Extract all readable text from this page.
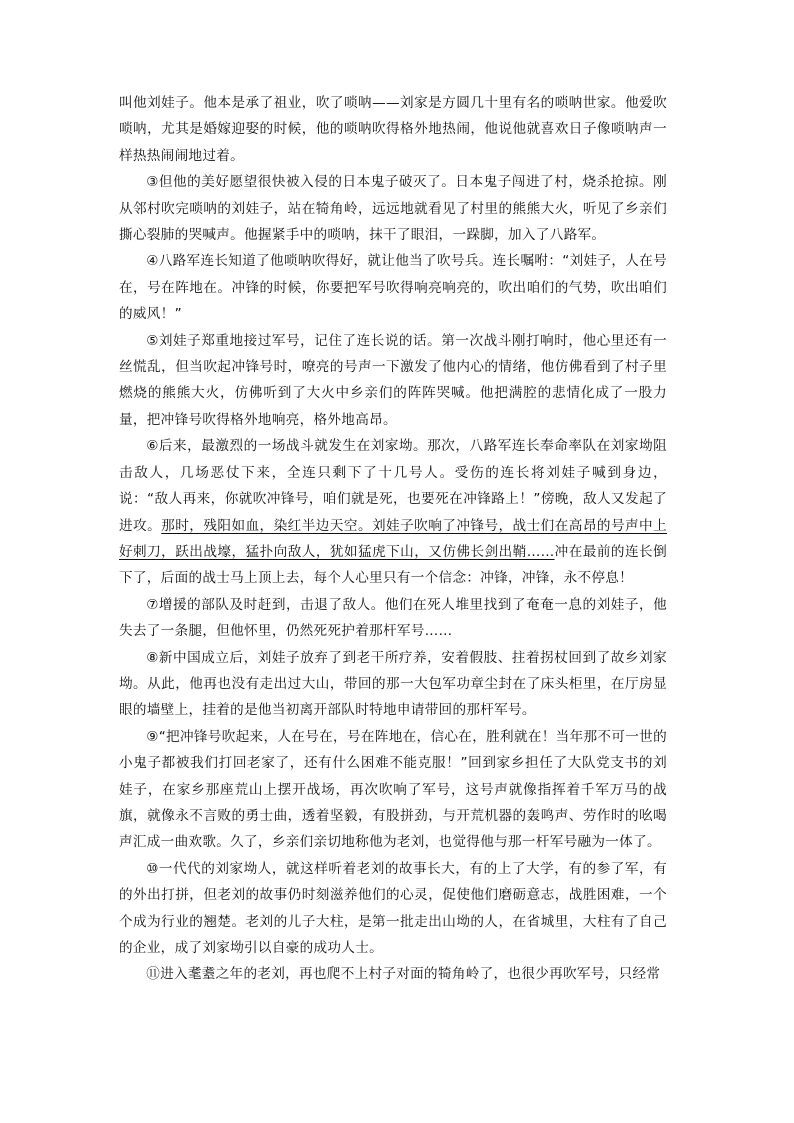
叫他刘娃子。他本是承了祖业，吹了唢呐——刘家是方圆几十里有名的唢呐世家。他爱吹唢呐，尤其是婚嫁迎娶的时候，他的唢呐吹得格外地热闹，他说他就喜欢日子像唢呐声一样热热闹闹地过着。

③但他的美好愿望很快被入侵的日本鬼子破灭了。日本鬼子闯进了村，烧杀抢掠。刚从邻村吹完唢呐的刘娃子，站在犄角岭，远远地就看见了村里的熊熊大火，听见了乡亲们撕心裂肺的哭喊声。他握紧手中的唢呐，抹干了眼泪，一跺脚，加入了八路军。

④八路军连长知道了他唢呐吹得好，就让他当了吹号兵。连长嘱咐：“刘娃子，人在号在，号在阵地在。冲锋的时候，你要把军号吹得响亮响亮的，吹出咱们的气势，吹出咱们的威风！”

⑤刘娃子郑重地接过军号，记住了连长说的话。第一次战斗刚打响时，他心里还有一丝慌乱，但当吹起冲锋号时，嘹亮的号声一下激发了他内心的情绪，他仿佛看到了村子里燃烧的熊熊大火，仿佛听到了大火中乡亲们的阵阵哭喊。他把满腔的悲情化成了一股力量，把冲锋号吹得格外地响亮，格外地高昂。

⑥后来，最激烈的一场战斗就发生在刘家坳。那次，八路军连长奉命率队在刘家坳阻击敌人，几场恶仗下来，全连只剩下了十几号人。受伤的连长将刘娃子喊到身边，说：“敌人再来，你就吹冲锋号，咱们就是死，也要死在冲锋路上！”傍晚，敌人又发起了进攻。那时，残阳如血，染红半边天空。刘娃子吹响了冲锋号，战士们在高昂的号声中上好刺刀，跃出战壕，猛扑向敌人，犹如猛虎下山，又仿佛长剑出鞘……冲在最前的连长倒下了，后面的战士马上顶上去，每个人心里只有一个信念：冲锋，冲锋，永不停息！

⑦增援的部队及时赶到，击退了敌人。他们在死人堆里找到了奄奄一息的刘娃子，他失去了一条腿，但他怀里，仍然死死护着那杆军号……

⑧新中国成立后，刘娃子放弃了到老干所疗养，安着假肢、拄着拐杖回到了故乡刘家坳。从此，他再也没有走出过大山，带回的那一大包军功章尘封在了床头柜里，在厅房显眼的墙壁上，挂着的是他当初离开部队时特地申请带回的那杆军号。

⑨“把冲锋号吹起来，人在号在，号在阵地在，信心在，胜利就在！当年那不可一世的小鬼子都被我们打回老家了，还有什么困难不能克服！”回到家乡担任了大队党支书的刘娃子，在家乡那座荒山上摆开战场，再次吹响了军号，这号声就像指挥着千军万马的战旗，就像永不言败的勇士曲，透着坚毅，有股拼劲，与开荒机器的轰鸣声、劳作时的吆喝声汇成一曲欢歌。久了，乡亲们亲切地称他为老刘，也觉得他与那一杆军号融为一体了。

⑩一代代的刘家坳人，就这样听着老刘的故事长大，有的上了大学，有的参了军，有的外出打拼，但老刘的故事仍时刻滋养他们的心灵，促使他们磨砺意志，战胜困难，一个个成为行业的翘楚。老刘的儿子大柱，是第一批走出山坳的人，在省城里，大柱有了自己的企业，成了刘家坳引以自豪的成功人士。

⑪进入耄耋之年的老刘，再也爬不上村子对面的犄角岭了，也很少再吹军号，只经常
